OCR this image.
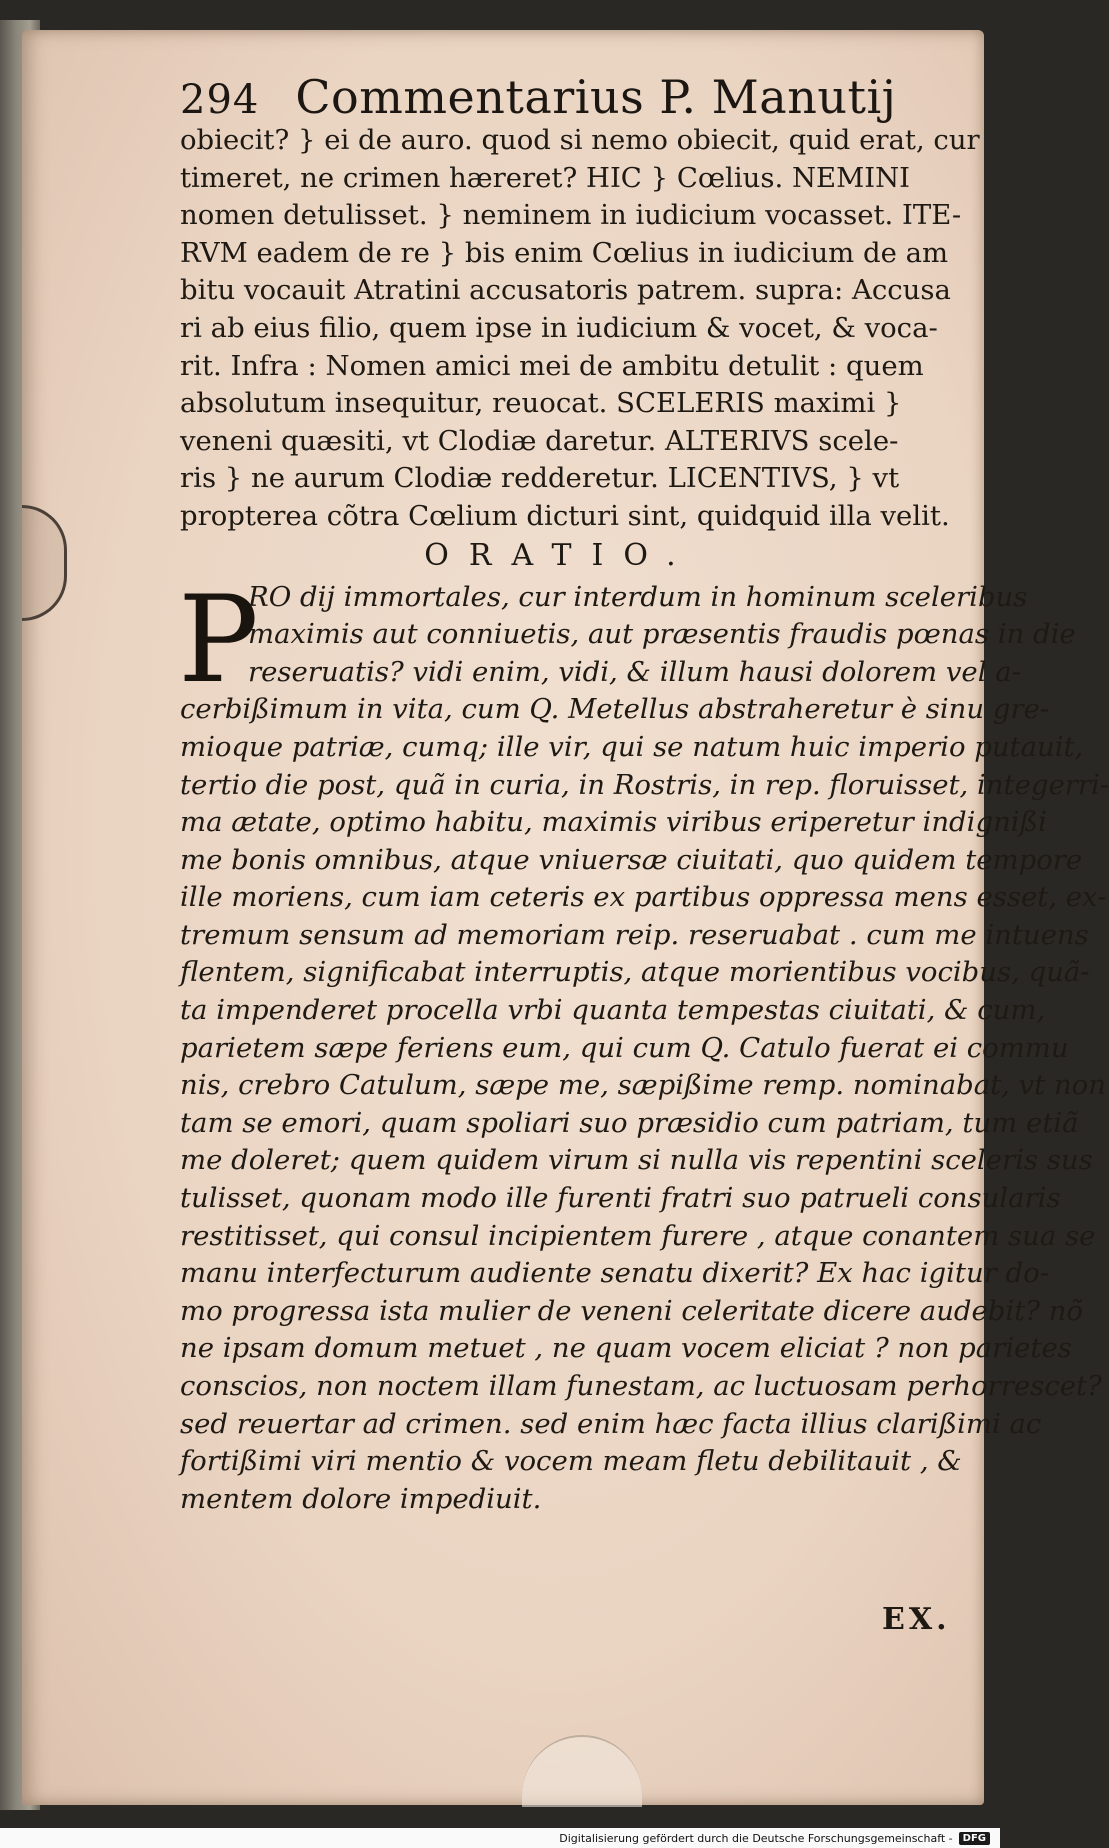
294 Commentarius P. Manutij
obiecit? } ei de auro. quod si nemo obiecit, quid erat, cur
timeret, ne crimen hæreret? HIC } Cœlius. NEMINI
nomen detulisset. } neminem in iudicium vocasset. ITE-
RVM eadem de re } bis enim Cœlius in iudicium de am
bitu vocauit Atratini accusatoris patrem. supra: Accusa
ri ab eius filio, quem ipse in iudicium & vocet, & voca-
rit. Infra : Nomen amici mei de ambitu detulit : quem
absolutum insequitur, reuocat. SCELERIS maximi }
veneni quæsiti, vt Clodiæ daretur. ALTERIVS scele-
ris } ne aurum Clodiæ redderetur. LICENTIVS, } vt
propterea cõtra Cœlium dicturi sint, quidquid illa velit.
ORATIO.
P
RO dij immortales, cur interdum in hominum sceleribus
maximis aut conniuetis, aut præsentis fraudis pœnas in die
reseruatis? vidi enim, vidi, & illum hausi dolorem vel a-
cerbißimum in vita, cum Q. Metellus abstraheretur è sinu gre-
mioque patriæ, cumq; ille vir, qui se natum huic imperio putauit,
tertio die post, quã in curia, in Rostris, in rep. floruisset, integerri-
ma ætate, optimo habitu, maximis viribus eriperetur indignißi
me bonis omnibus, atque vniuersæ ciuitati, quo quidem tempore
ille moriens, cum iam ceteris ex partibus oppressa mens esset, ex-
tremum sensum ad memoriam reip. reseruabat . cum me intuens
flentem, significabat interruptis, atque morientibus vocibus, quã-
ta impenderet procella vrbi quanta tempestas ciuitati, & cum,
parietem sæpe feriens eum, qui cum Q. Catulo fuerat ei commu
nis, crebro Catulum, sæpe me, sæpißime remp. nominabat, vt non
tam se emori, quam spoliari suo præsidio cum patriam, tum etiã
me doleret; quem quidem virum si nulla vis repentini sceleris sus
tulisset, quonam modo ille furenti fratri suo patrueli consularis
restitisset, qui consul incipientem furere , atque conantem sua se
manu interfecturum audiente senatu dixerit? Ex hac igitur do-
mo progressa ista mulier de veneni celeritate dicere audebit? nõ
ne ipsam domum metuet , ne quam vocem eliciat ? non parietes
conscios, non noctem illam funestam, ac luctuosam perhorrescet?
sed reuertar ad crimen. sed enim hæc facta illius clarißimi ac
fortißimi viri mentio & vocem meam fletu debilitauit , &
mentem dolore impediuit.
EX.
Digitalisierung gefördert durch die Deutsche Forschungsgemeinschaft -	DFG
